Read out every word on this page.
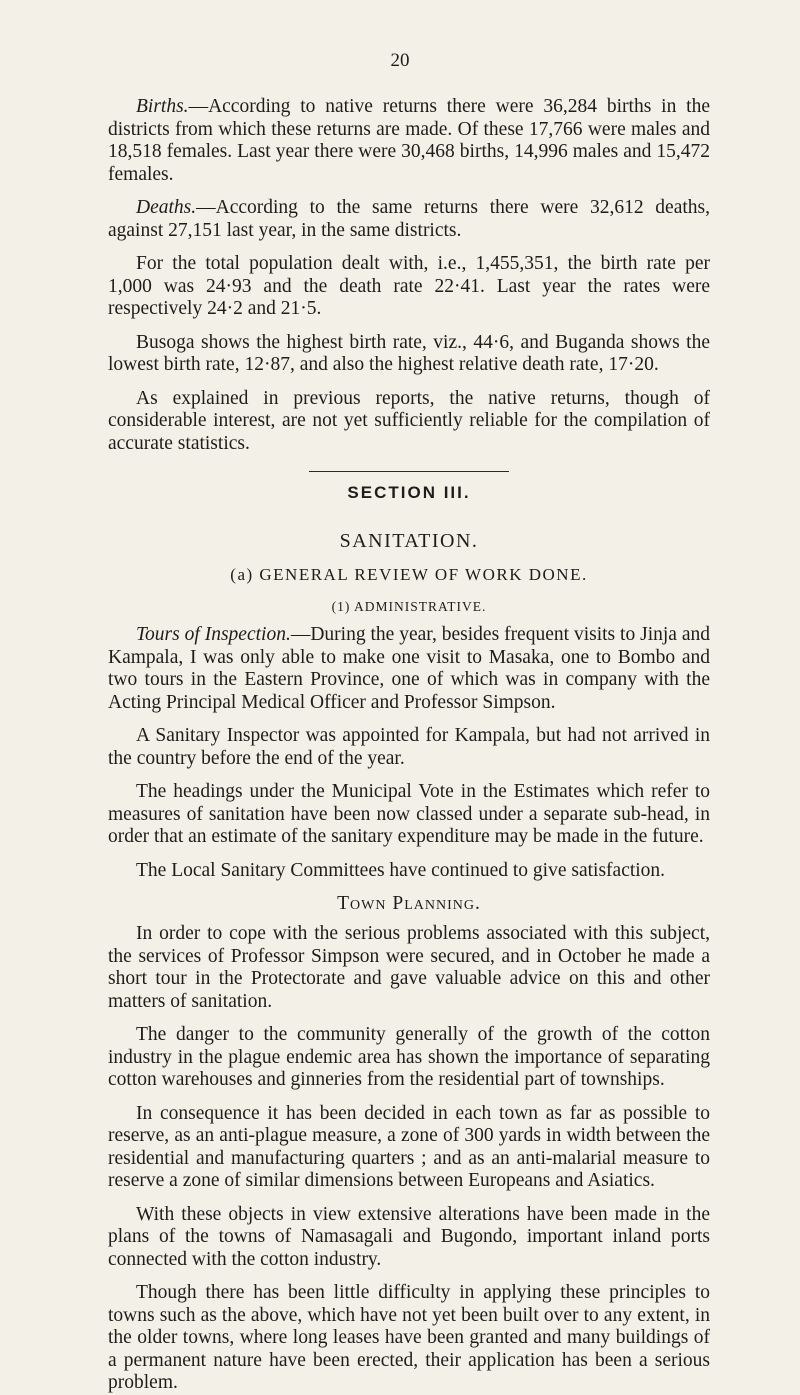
20

Births.—According to native returns there were 36,284 births in the districts from which these returns are made. Of these 17,766 were males and 18,518 females. Last year there were 30,468 births, 14,996 males and 15,472 females.

Deaths.—According to the same returns there were 32,612 deaths, against 27,151 last year, in the same districts.

For the total population dealt with, i.e., 1,455,351, the birth rate per 1,000 was 24·93 and the death rate 22·41. Last year the rates were respectively 24·2 and 21·5.

Busoga shows the highest birth rate, viz., 44·6, and Buganda shows the lowest birth rate, 12·87, and also the highest relative death rate, 17·20.

As explained in previous reports, the native returns, though of considerable interest, are not yet sufficiently reliable for the compilation of accurate statistics.

SECTION III.
SANITATION.
(a) GENERAL REVIEW OF WORK DONE.
(1) ADMINISTRATIVE.

Tours of Inspection.—During the year, besides frequent visits to Jinja and Kampala, I was only able to make one visit to Masaka, one to Bombo and two tours in the Eastern Province, one of which was in company with the Acting Principal Medical Officer and Professor Simpson.

A Sanitary Inspector was appointed for Kampala, but had not arrived in the country before the end of the year.

The headings under the Municipal Vote in the Estimates which refer to measures of sanitation have been now classed under a separate sub-head, in order that an estimate of the sanitary expenditure may be made in the future.

The Local Sanitary Committees have continued to give satisfaction.

Town Planning.

In order to cope with the serious problems associated with this subject, the services of Professor Simpson were secured, and in October he made a short tour in the Protectorate and gave valuable advice on this and other matters of sanitation.

The danger to the community generally of the growth of the cotton industry in the plague endemic area has shown the importance of separating cotton warehouses and ginneries from the residential part of townships.

In consequence it has been decided in each town as far as possible to reserve, as an anti-plague measure, a zone of 300 yards in width between the residential and manufacturing quarters ; and as an anti-malarial measure to reserve a zone of similar dimensions between Europeans and Asiatics.

With these objects in view extensive alterations have been made in the plans of the towns of Namasagali and Bugondo, important inland ports connected with the cotton industry.

Though there has been little difficulty in applying these principles to towns such as the above, which have not yet been built over to any extent, in the older towns, where long leases have been granted and many buildings of a permanent nature have been erected, their application has been a serious problem.
